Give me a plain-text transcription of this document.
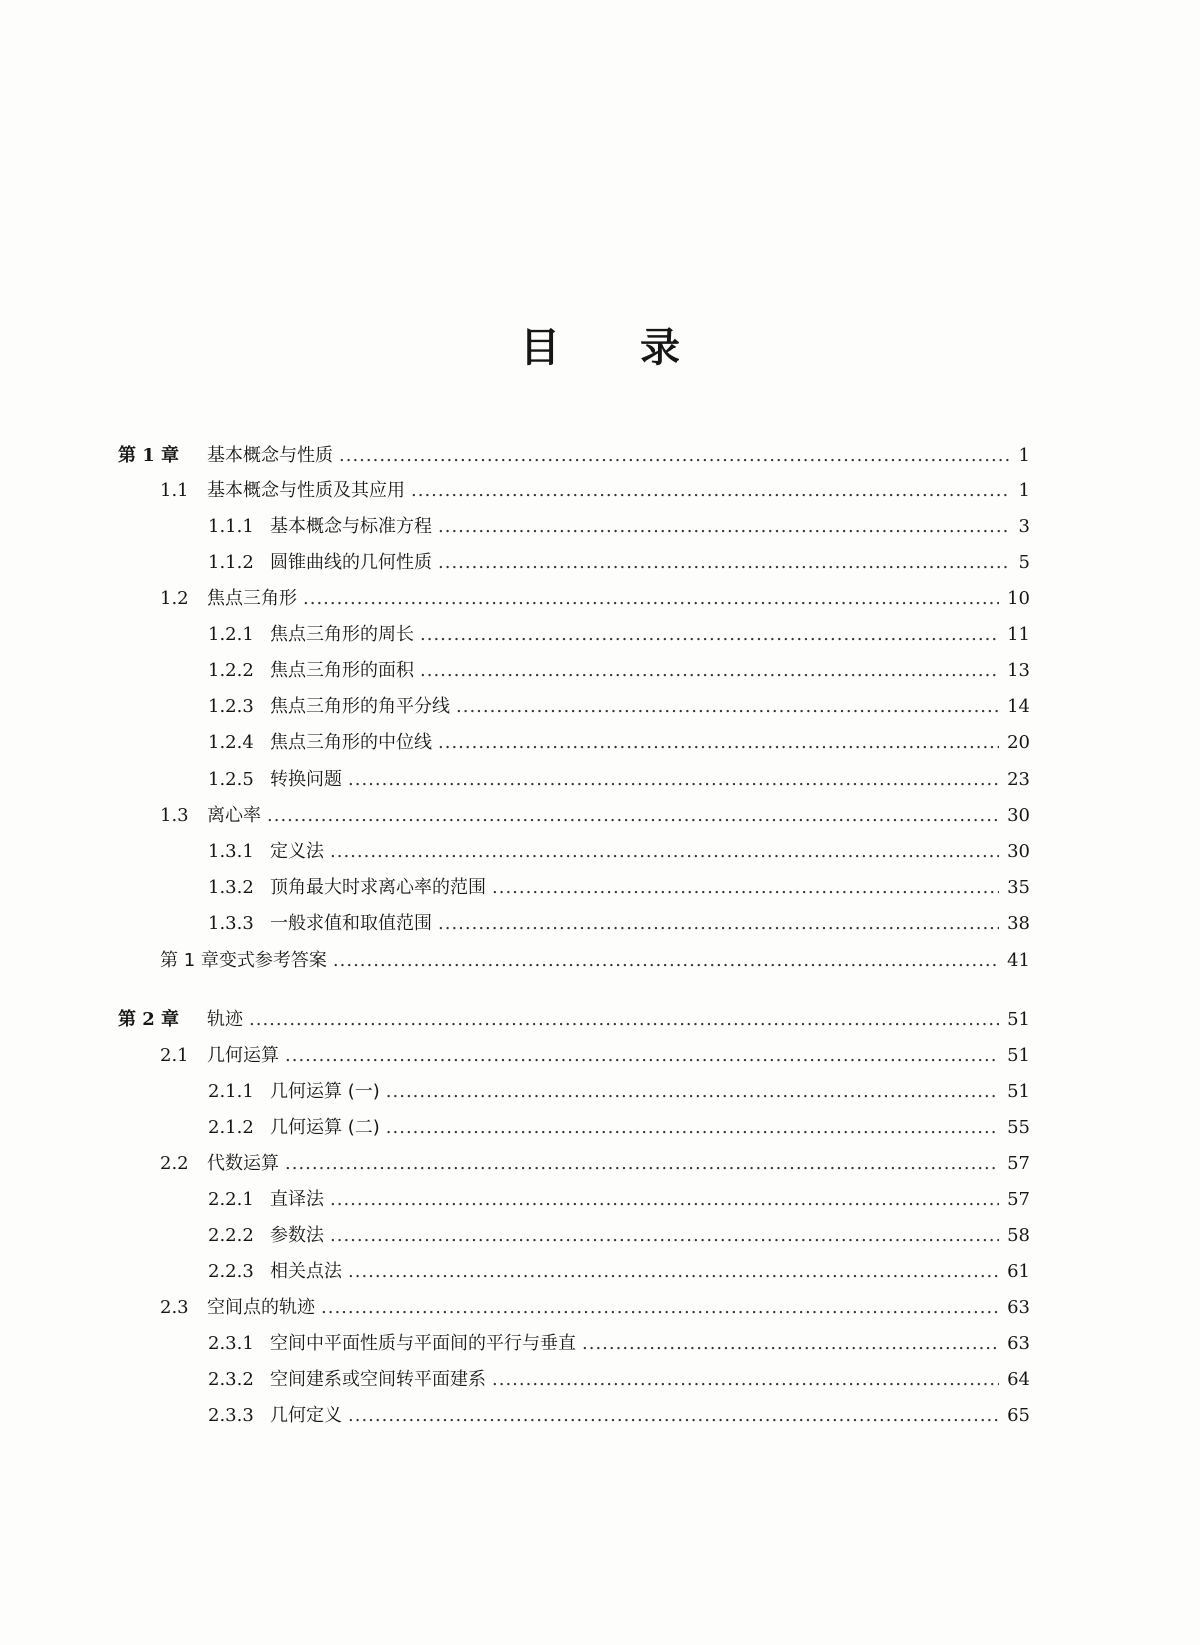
目 录
第 1 章 基本概念与性质	1
.....
1.1 基本概念与性质及其应用	1
.....
1.1.1 基本概念与标准方程	3
.....
1.1.2 圆锥曲线的几何性质	5
.....
1.2 焦点三角形	10
.....
1.2.1 焦点三角形的周长	11
.....
1.2.2 焦点三角形的面积	13
.....
1.2.3 焦点三角形的角平分线	14
.....
1.2.4 焦点三角形的中位线	20
.....
1.2.5 转换问题	23
.....
1.3 离心率	30
.....
1.3.1 定义法	30
.....
1.3.2 顶角最大时求离心率的范围	35
.....
1.3.3 一般求值和取值范围	38
.....
第 1 章变式参考答案	41
.....
第 2 章 轨迹	51
.....
2.1 几何运算	51
.....
2.1.1 几何运算 (一)	51
.....
2.1.2 几何运算 (二)	55
.....
2.2 代数运算	57
.....
2.2.1 直译法	57
.....
2.2.2 参数法	58
.....
2.2.3 相关点法	61
.....
2.3 空间点的轨迹	63
.....
2.3.1 空间中平面性质与平面间的平行与垂直	63
.....
2.3.2 空间建系或空间转平面建系	64
.....
2.3.3 几何定义	65
.....
